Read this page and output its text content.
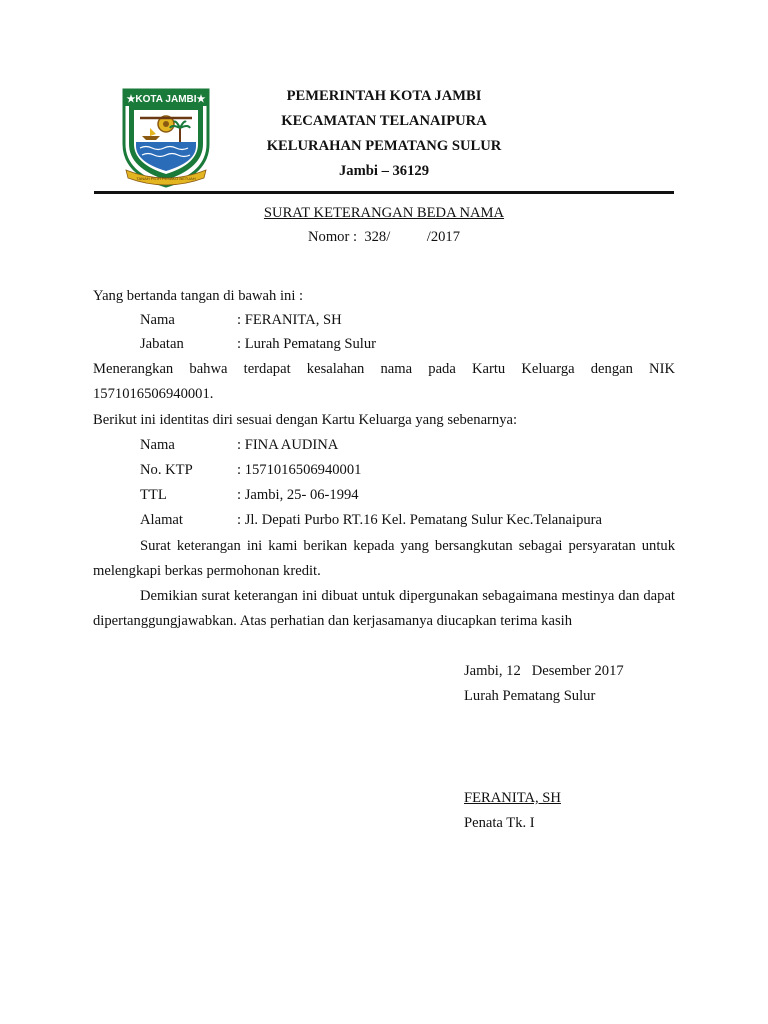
★KOTA JAMBI★
TANAH PILIH PESAKO BETUAH
PEMERINTAH KOTA JAMBI
KECAMATAN TELANAIPURA
KELURAHAN PEMATANG SULUR
Jambi – 36129
SURAT KETERANGAN BEDA NAMA
Nomor :  328/          /2017
Yang bertanda tangan di bawah ini :
Nama	: FERANITA, SH
Jabatan	: Lurah Pematang Sulur
Menerangkan bahwa terdapat kesalahan nama pada Kartu Keluarga dengan NIK 1571016506940001.
Berikut ini identitas diri sesuai dengan Kartu Keluarga yang sebenarnya:
Nama	: FINA AUDINA
No. KTP	: 1571016506940001
TTL	: Jambi, 25- 06-1994
Alamat	: Jl. Depati Purbo RT.16 Kel. Pematang Sulur Kec.Telanaipura
Surat keterangan ini kami berikan kepada yang bersangkutan sebagai persyaratan untuk melengkapi berkas permohonan kredit.
Demikian surat keterangan ini dibuat untuk dipergunakan sebagaimana mestinya dan dapat dipertanggungjawabkan. Atas perhatian dan kerjasamanya diucapkan terima kasih
Jambi, 12   Desember 2017
Lurah Pematang Sulur
FERANITA, SH
Penata Tk. I
